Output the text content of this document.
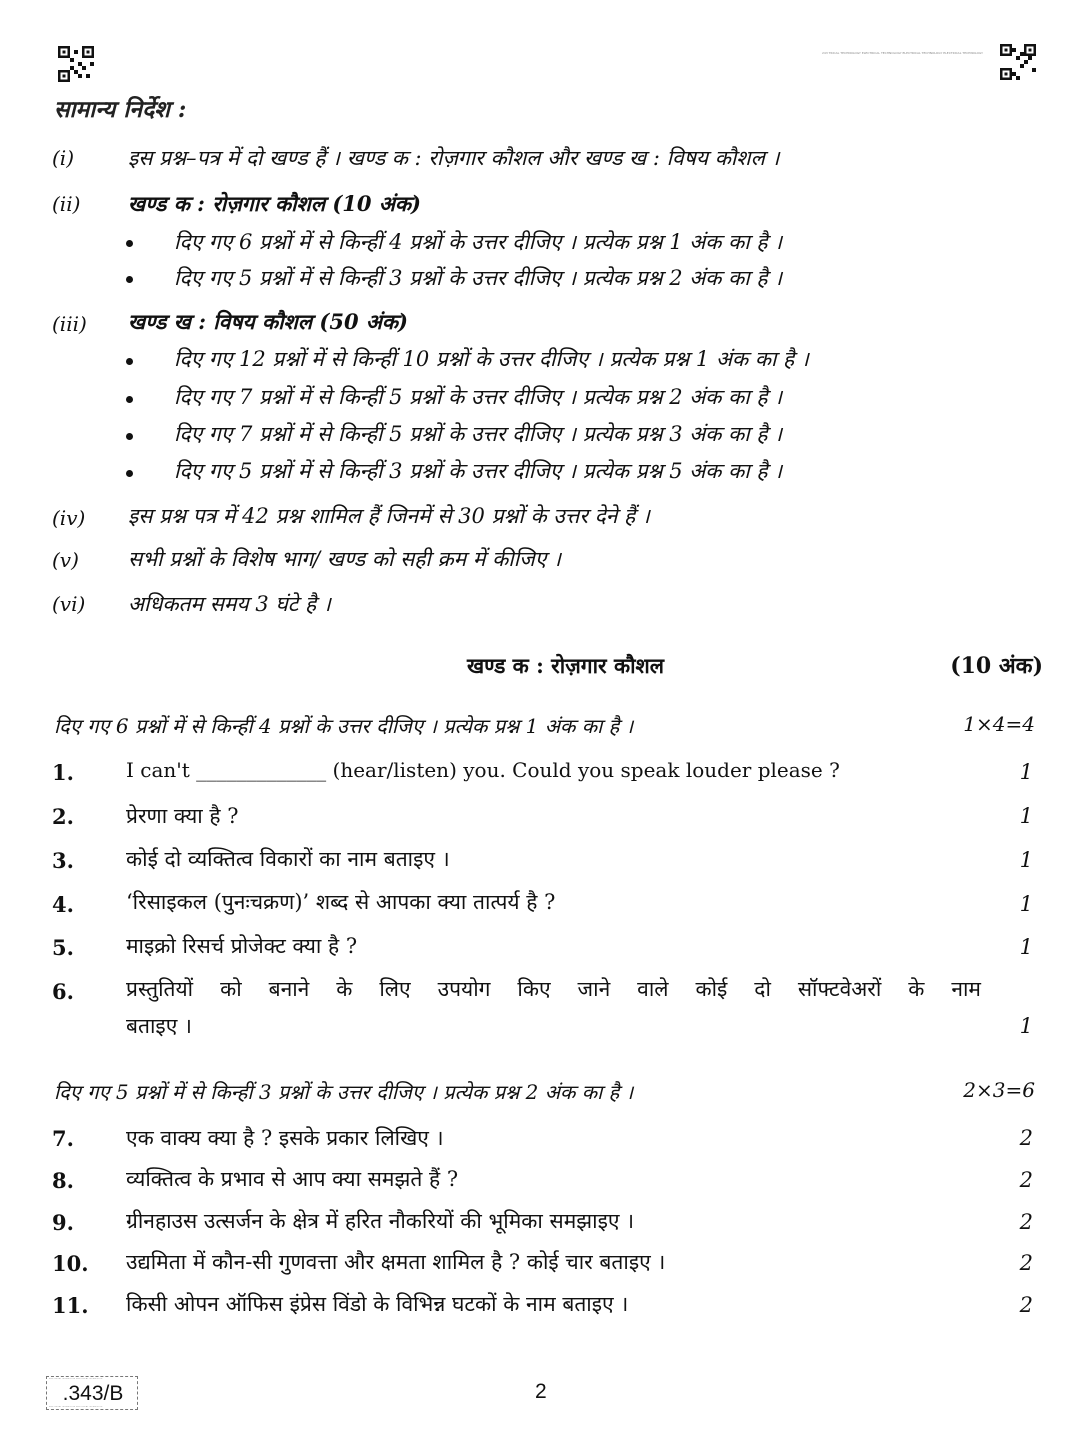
243 TRICAL TECHNOLOGY ELECTRICAL TECHNOLOGY ELECTRICAL TECHNOLOGY ELECTRICAL TECHNOLOGY
सामान्य निर्देश :
(i)	इस प्रश्न–पत्र में दो खण्ड हैं । खण्ड क : रोज़गार कौशल और खण्ड ख : विषय कौशल ।
(ii) खण्ड क : रोज़गार कौशल (10 अंक)
दिए गए 6 प्रश्नों में से किन्हीं 4 प्रश्नों के उत्तर दीजिए । प्रत्येक प्रश्न 1 अंक का है ।
दिए गए 5 प्रश्नों में से किन्हीं 3 प्रश्नों के उत्तर दीजिए । प्रत्येक प्रश्न 2 अंक का है ।
(iii) खण्ड ख : विषय कौशल (50 अंक)
दिए गए 12 प्रश्नों में से किन्हीं 10 प्रश्नों के उत्तर दीजिए । प्रत्येक प्रश्न 1 अंक का है ।
दिए गए 7 प्रश्नों में से किन्हीं 5 प्रश्नों के उत्तर दीजिए । प्रत्येक प्रश्न 2 अंक का है ।
दिए गए 7 प्रश्नों में से किन्हीं 5 प्रश्नों के उत्तर दीजिए । प्रत्येक प्रश्न 3 अंक का है ।
दिए गए 5 प्रश्नों में से किन्हीं 3 प्रश्नों के उत्तर दीजिए । प्रत्येक प्रश्न 5 अंक का है ।
(iv) इस प्रश्न पत्र में 42 प्रश्न शामिल हैं जिनमें से 30 प्रश्नों के उत्तर देने हैं ।
(v) सभी प्रश्नों के विशेष भाग/ खण्ड को सही क्रम में कीजिए ।
(vi) अधिकतम समय 3 घंटे है ।
खण्ड क : रोज़गार कौशल	(10 अंक)
दिए गए 6 प्रश्नों में से किन्हीं 4 प्रश्नों के उत्तर दीजिए । प्रत्येक प्रश्न 1 अंक का है ।	1×4=4
1.	I can't _____________ (hear/listen) you. Could you speak louder please ?	1
2. प्रेरणा क्या है ?	1
3. कोई दो व्यक्तित्व विकारों का नाम बताइए ।	1
4. ‘रिसाइकल (पुनःचक्रण)’ शब्द से आपका क्या तात्पर्य है ?	1
5. माइक्रो रिसर्च प्रोजेक्ट क्या है ?	1
6. प्रस्तुतियों को बनाने के लिए उपयोग किए जाने वाले कोई दो सॉफ्टवेअरों के नाम
बताइए ।	1
दिए गए 5 प्रश्नों में से किन्हीं 3 प्रश्नों के उत्तर दीजिए । प्रत्येक प्रश्न 2 अंक का है ।	2×3=6
7. एक वाक्य क्या है ? इसके प्रकार लिखिए ।	2
8. व्यक्तित्व के प्रभाव से आप क्या समझते हैं ?	2
9. ग्रीनहाउस उत्सर्जन के क्षेत्र में हरित नौकरियों की भूमिका समझाइए ।	2
10. उद्यमिता में कौन-सी गुणवत्ता और क्षमता शामिल है ? कोई चार बताइए ।	2
11. किसी ओपन ऑफिस इंप्रेस विंडो के विभिन्न घटकों के नाम बताइए ।	2
ELECTRICAL TECHNOLOGY ELECTRICAL TECHNOLOGY
.343/B
ELECTRICAL TECHNOLOGY ELECTRICAL TECHNOLOGY
2
